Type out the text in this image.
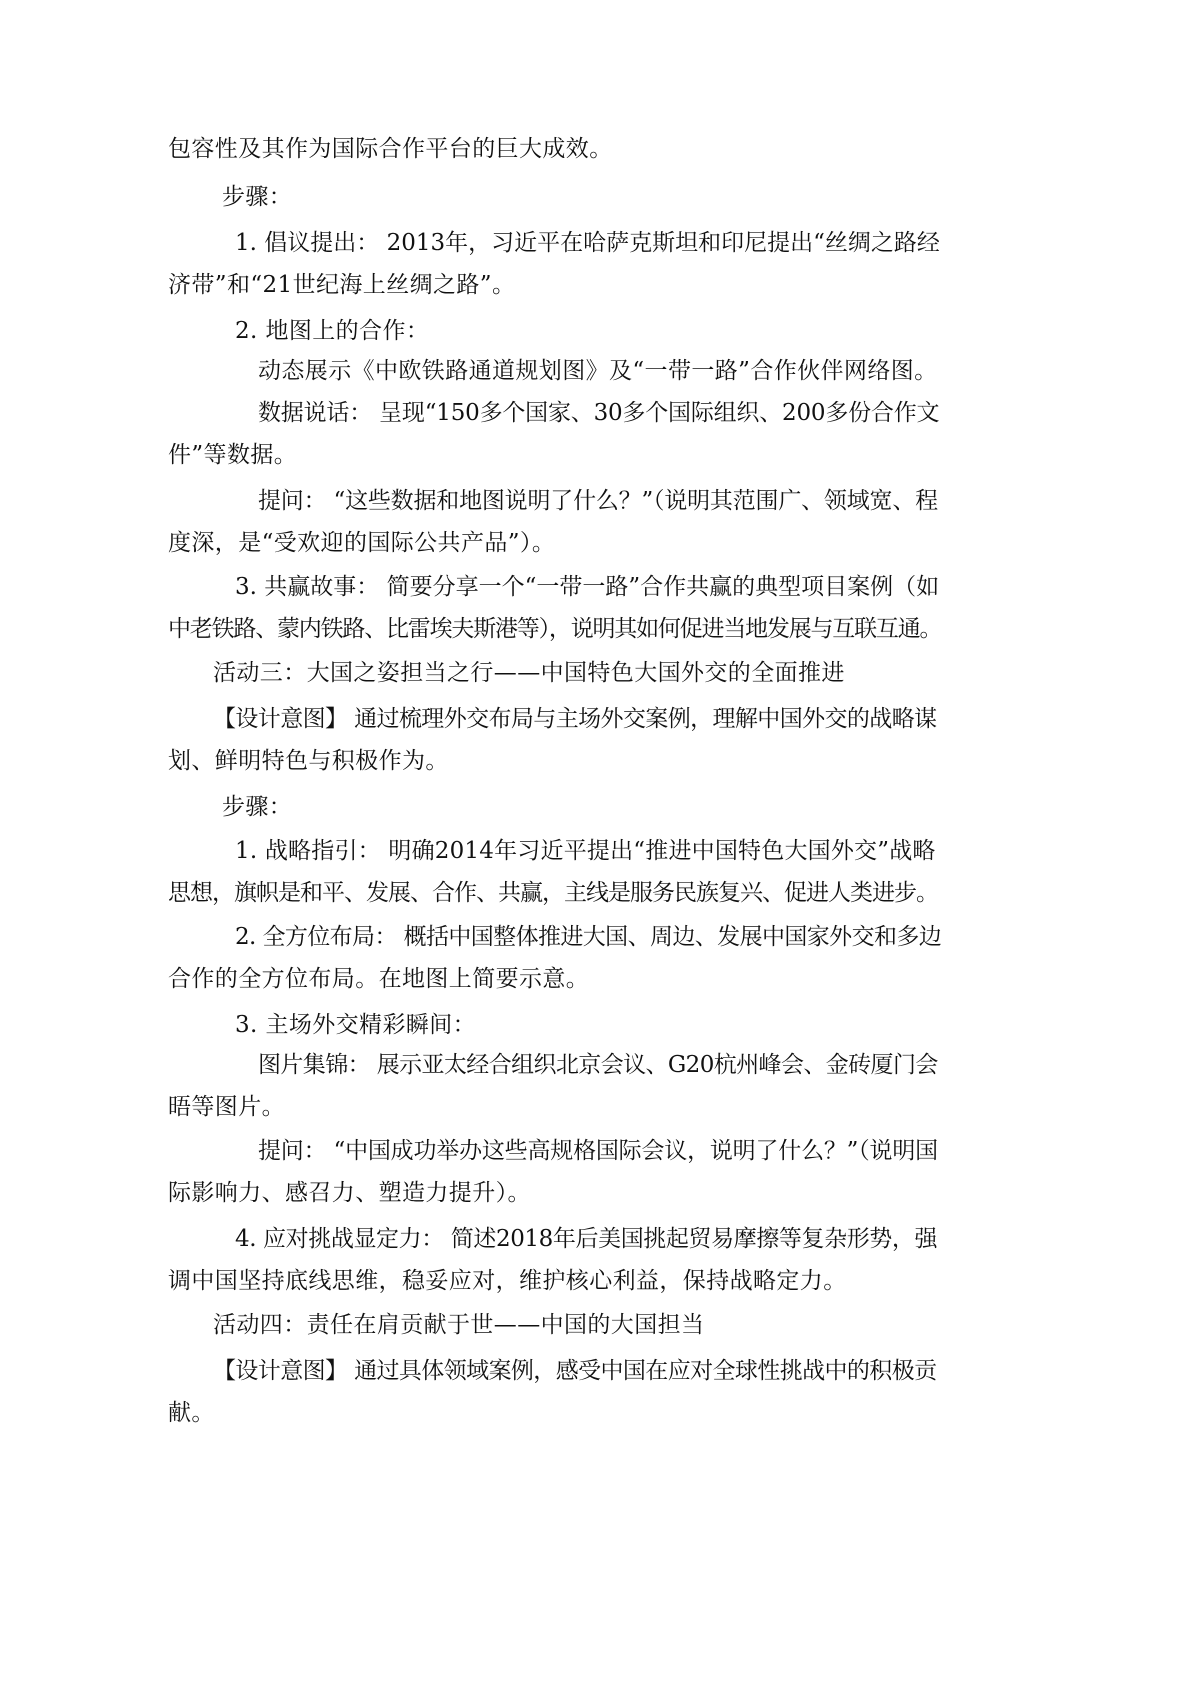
包容性及其作为国际合作平台的巨大成效。
步骤：
1. 倡议提出： 2013年，习近平在哈萨克斯坦和印尼提出“丝绸之路经
济带”和“21世纪海上丝绸之路”。
2. 地图上的合作：
动态展示《中欧铁路通道规划图》及“一带一路”合作伙伴网络图。
数据说话： 呈现“150多个国家、30多个国际组织、200多份合作文
件”等数据。
提问： “这些数据和地图说明了什么？”（说明其范围广、领域宽、程
度深，是“受欢迎的国际公共产品”）。
3. 共赢故事： 简要分享一个“一带一路”合作共赢的典型项目案例（如
中老铁路、蒙内铁路、比雷埃夫斯港等），说明其如何促进当地发展与互联互通。
活动三：大国之姿担当之行——中国特色大国外交的全面推进
【设计意图】 通过梳理外交布局与主场外交案例，理解中国外交的战略谋
划、鲜明特色与积极作为。
步骤：
1. 战略指引： 明确2014年习近平提出“推进中国特色大国外交”战略
思想，旗帜是和平、发展、合作、共赢，主线是服务民族复兴、促进人类进步。
2. 全方位布局： 概括中国整体推进大国、周边、发展中国家外交和多边
合作的全方位布局。在地图上简要示意。
3. 主场外交精彩瞬间：
图片集锦： 展示亚太经合组织北京会议、G20杭州峰会、金砖厦门会
晤等图片。
提问： “中国成功举办这些高规格国际会议，说明了什么？”（说明国
际影响力、感召力、塑造力提升）。
4. 应对挑战显定力： 简述2018年后美国挑起贸易摩擦等复杂形势，强
调中国坚持底线思维，稳妥应对，维护核心利益，保持战略定力。
活动四：责任在肩贡献于世——中国的大国担当
【设计意图】 通过具体领域案例，感受中国在应对全球性挑战中的积极贡
献。
